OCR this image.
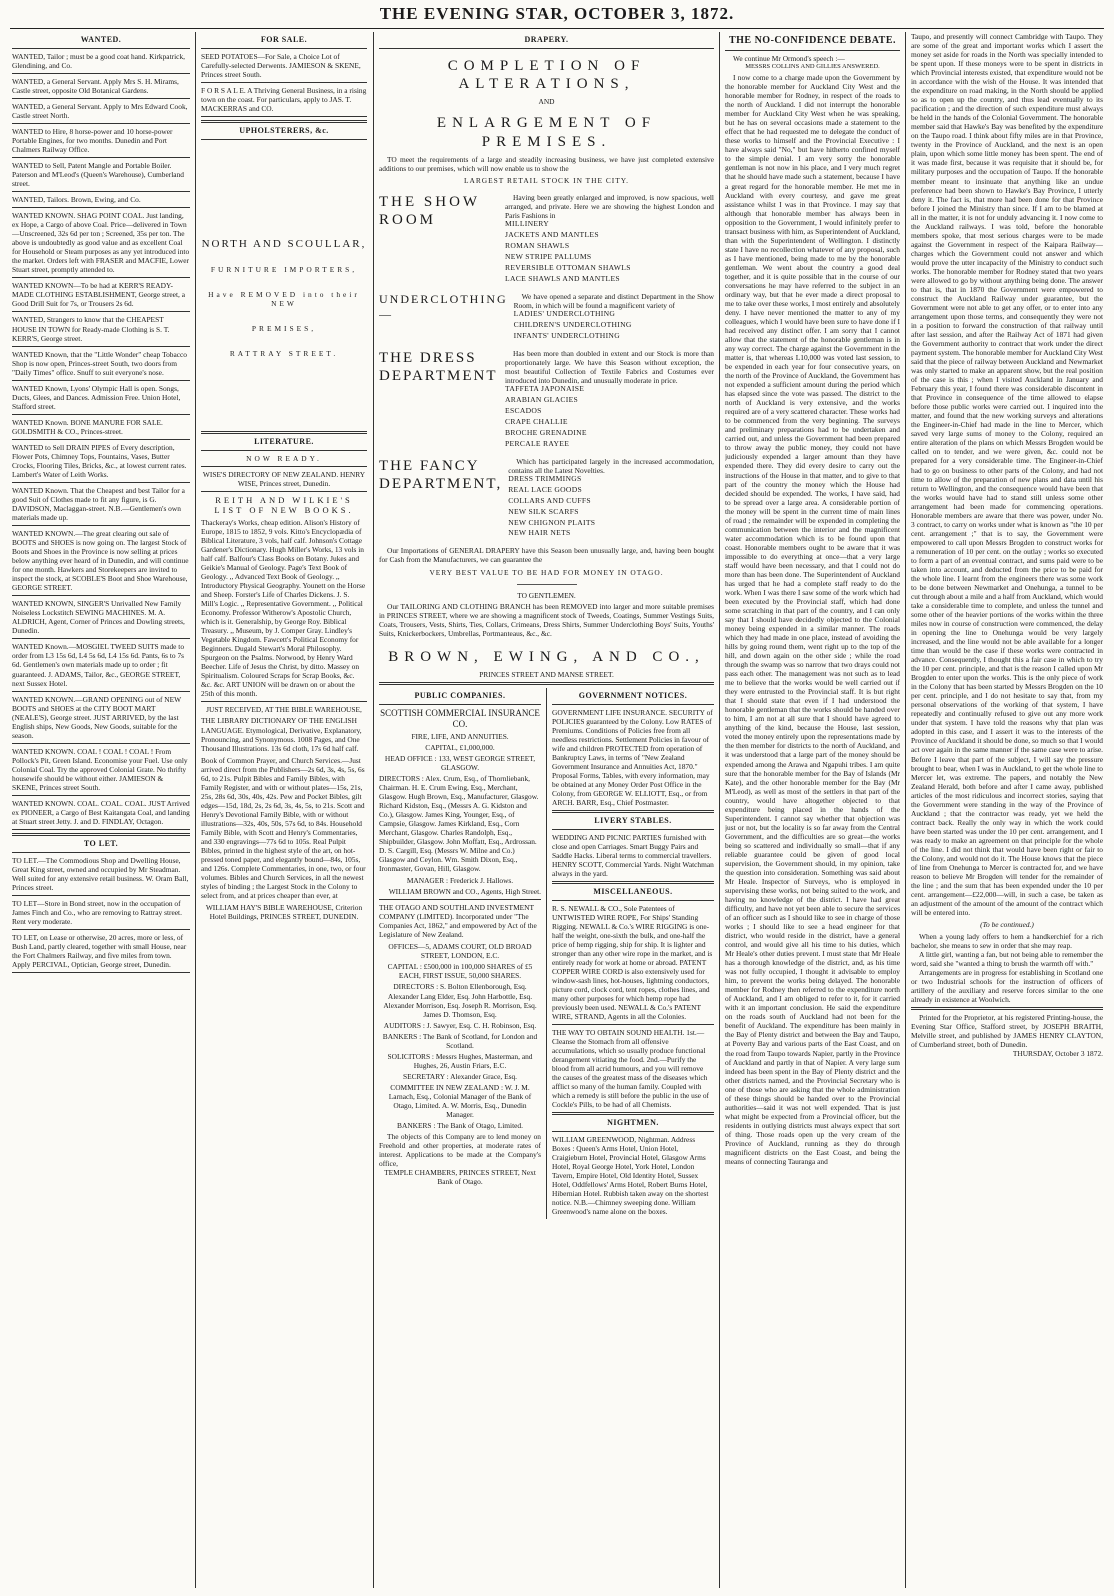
THE EVENING STAR, OCTOBER 3, 1872.
WANTED.

WANTED, Tailor ; must be a good coat hand. Kirkpatrick, Glendining, and Co.

WANTED, a General Servant. Apply Mrs S. H. Mirams, Castle street, opposite Old Botanical Gardens.

WANTED, a General Servant. Apply to Mrs Edward Cook, Castle street North.

WANTED to Hire, 8 horse-power and 10 horse-power Portable Engines, for two months. Dunedin and Port Chalmers Railway Office.

WANTED to Sell, Patent Mangle and Portable Boiler. Paterson and M'Leod's (Queen's Warehouse), Cumberland street.

WANTED, Tailors. Brown, Ewing, and Co.

WANTED KNOWN. SHAG POINT COAL. Just landing, ex Hope, a Cargo of above Coal. Price—delivered in Town—Unscreened, 32s 6d per ton ; Screened, 35s per ton. The above is undoubtedly as good value and as excellent Coal for Household or Steam purposes as any yet introduced into the market. Orders left with FRASER and MACFIE, Lower Stuart street, promptly attended to.

WANTED KNOWN—To be had at KERR'S READY-MADE CLOTHING ESTABLISHMENT, George street, a Good Drill Suit for 7s, or Trousers 2s 6d.

WANTED, Strangers to know that the CHEAPEST HOUSE IN TOWN for Ready-made Clothing is S. T. KERR'S, George street.

WANTED Known, that the "Little Wonder" cheap Tobacco Shop is now open, Princes-street South, two doors from "Daily Times" office. Snuff to suit everyone's nose.

WANTED Known, Lyons' Olympic Hall is open. Songs, Ducts, Glees, and Dances. Admission Free. Union Hotel, Stafford street.

WANTED Known. BONE MANURE FOR SALE. GOLDSMITH & CO., Princes-street.

WANTED to Sell DRAIN PIPES of Every description, Flower Pots, Chimney Tops, Fountains, Vases, Butter Crocks, Flooring Tiles, Bricks, &c., at lowest current rates. Lambert's Water of Leith Works.

WANTED Known. That the Cheapest and best Tailor for a good Suit of Clothes made to fit any figure, is G. DAVIDSON, Maclaggan-street. N.B.—Gentlemen's own materials made up.

WANTED KNOWN.—The great clearing out sale of BOOTS and SHOES is now going on. The largest Stock of Boots and Shoes in the Province is now selling at prices below anything ever heard of in Dunedin, and will continue for one month. Hawkers and Storekeepers are invited to inspect the stock, at SCOBLE'S Boot and Shoe Warehouse, GEORGE STREET.

WANTED KNOWN, SINGER'S Unrivalled New Family Noiseless Lockstitch SEWING MACHINES. M. A. ALDRICH, Agent, Corner of Princes and Dowling streets, Dunedin.

WANTED Known.—MOSGIEL TWEED SUITS made to order from L3 15s 6d, L4 5s 6d, L4 15s 6d. Pants, 6s to 7s 6d. Gentlemen's own materials made up to order ; fit guaranteed. J. ADAMS, Tailor, &c., GEORGE STREET, next Sussex Hotel.

WANTED KNOWN.—GRAND OPENING out of NEW BOOTS and SHOES at the CITY BOOT MART (NEALE'S), George street. JUST ARRIVED, by the last English ships, New Goods, New Goods, suitable for the season.

WANTED KNOWN. COAL ! COAL ! COAL ! From Pollock's Pit, Green Island. Economise your Fuel. Use only Colonial Coal. Try the approved Colonial Grate. No thrifty housewife should be without either. JAMIESON & SKENE, Princes street South.

WANTED KNOWN. COAL. COAL. COAL. JUST Arrived ex PIONEER, a Cargo of Best Kaitangata Coal, and landing at Stuart street Jetty. J. and D. FINDLAY, Octagon.

TO LET.

TO LET.—The Commodious Shop and Dwelling House, Great King street, owned and occupied by Mr Steadman. Well suited for any extensive retail business. W. Oram Ball, Princes street.

TO LET—Store in Bond street, now in the occupation of James Finch and Co., who are removing to Rattray street. Rent very moderate.

TO LET, on Lease or otherwise, 20 acres, more or less, of Bush Land, partly cleared, together with small House, near the Fort Chalmers Railway, and five miles from town. Apply PERCIVAL, Optician, George street, Dunedin.

FOR SALE.

SEED POTATOES—For Sale, a Choice Lot of Carefully-selected Derwents. JAMIESON & SKENE, Princes street South.

F O R S A L E. A Thriving General Business, in a rising town on the coast. For particulars, apply to JAS. T. MACKERRAS and CO.

UPHOLSTERERS, &c.

NORTH AND SCOULLAR,

FURNITURE IMPORTERS,

Have REMOVED into their NEW

PREMISES,

RATTRAY STREET.

LITERATURE.

NOW READY.

WISE'S DIRECTORY OF NEW ZEALAND. HENRY WISE, Princes street, Dunedin.

REITH AND WILKIE'S LIST OF NEW BOOKS.

Thackeray's Works, cheap edition. Alison's History of Europe, 1815 to 1852, 9 vols. Kitto's Encyclopædia of Biblical Literature, 3 vols, half calf. Johnson's Cottage Gardener's Dictionary. Hugh Miller's Works, 13 vols in half calf. Balfour's Class Books on Botany. Jukes and Geikie's Manual of Geology. Page's Text Book of Geology. ,, Advanced Text Book of Geology. ,, Introductory Physical Geography. Younett on the Horse and Sheep. Forster's Life of Charles Dickens. J. S. Mill's Logic. ,, Representative Government. ,, Political Economy. Professor Witherow's Apostolic Church, which is it. Generalship, by George Roy. Biblical Treasury. ,, Museum, by J. Comper Gray. Lindley's Vegetable Kingdom. Fawcett's Political Economy for Beginners. Dugald Stewart's Moral Philosophy. Spurgeon on the Psalms. Norwood, by Henry Ward Beecher. Life of Jesus the Christ, by ditto. Massey on Spiritualism. Coloured Scraps for Scrap Books, &c. &c. &c. ART UNION will be drawn on or about the 25th of this month.

JUST RECEIVED, AT THE BIBLE WAREHOUSE,

THE LIBRARY DICTIONARY OF THE ENGLISH LANGUAGE. Etymological, Derivative, Explanatory, Pronouncing, and Synonymous. 1008 Pages, and One Thousand Illustrations. 13s 6d cloth, 17s 6d half calf.

Book of Common Prayer, and Church Services.—Just arrived direct from the Publishers—2s 6d, 3s, 4s, 5s, 6s 6d, to 21s. Pulpit Bibles and Family Bibles, with Family Register, and with or without plates—15s, 21s, 25s, 28s 6d, 30s, 40s, 42s. Pew and Pocket Bibles, gilt edges—15d, 18d, 2s, 2s 6d, 3s, 4s, 5s, to 21s. Scott and Henry's Devotional Family Bible, with or without illustrations—32s, 40s, 50s, 57s 6d, to 84s. Household Family Bible, with Scott and Henry's Commentaries, and 330 engravings—77s 6d to 105s. Real Pulpit Bibles, printed in the highest style of the art, on hot-pressed toned paper, and elegantly bound—84s, 105s, and 126s. Complete Commentaries, in one, two, or four volumes. Bibles and Church Services, in all the newest styles of binding ; the Largest Stock in the Colony to select from, and at prices cheaper than ever, at

WILLIAM HAY'S BIBLE WAREHOUSE, Criterion Hotel Buildings, PRINCES STREET, DUNEDIN.

DRAPERY.
COMPLETION OF ALTERATIONS,

AND

ENLARGEMENT OF PREMISES.

TO meet the requirements of a large and steadily increasing business, we have just completed extensive additions to our premises, which will now enable us to show the

LARGEST RETAIL STOCK IN THE CITY.

THE SHOW ROOM

Having been greatly enlarged and improved, is now spacious, well arranged, and private. Here we are showing the highest London and Paris Fashions in

MILLINERY

JACKETS AND MANTLES

ROMAN SHAWLS

NEW STRIPE PALLUMS

REVERSIBLE OTTOMAN SHAWLS

LACE SHAWLS AND MANTLES

UNDERCLOTHING—

We have opened a separate and distinct Department in the Show Room, in which will be found a magnificent variety of

LADIES' UNDERCLOTHING

CHILDREN'S UNDERCLOTHING

INFANTS' UNDERCLOTHING

THE DRESS DEPARTMENT

Has been more than doubled in extent and our Stock is more than proportionately large. We have this Season without exception, the most beautiful Collection of Textile Fabrics and Costumes ever introduced into Dunedin, and unusually moderate in price.

TAFFETA JAPONAISE

ARABIAN GLACIES

ESCADOS

CRAPE CHALLIE

BROCHE GRENADINE

PERCALE RAYEE

THE FANCY DEPARTMENT,

Which has participated largely in the increased accommodation, contains all the Latest Novelties.

DRESS TRIMMINGS

REAL LACE GOODS

COLLARS AND CUFFS

NEW SILK SCARFS

NEW CHIGNON PLAITS

NEW HAIR NETS

Our Importations of GENERAL DRAPERY have this Season been unusually large, and, having been bought for Cash from the Manufacturers, we can guarantee the

VERY BEST VALUE TO BE HAD FOR MONEY IN OTAGO.

TO GENTLEMEN.

Our TAILORING AND CLOTHING BRANCH has been REMOVED into larger and more suitable premises in PRINCES STREET, where we are showing a magnificent stock of Tweeds, Coatings, Summer Vestings Suits, Coats, Trousers, Vests, Shirts, Ties, Collars, Crimeans, Dress Shirts, Summer Underclothing Boys' Suits, Youths' Suits, Knickerbockers, Umbrellas, Portmanteaus, &c., &c.

BROWN, EWING, AND CO.,

PRINCES STREET AND MANSE STREET.

PUBLIC COMPANIES.

SCOTTISH COMMERCIAL INSURANCE CO.

FIRE, LIFE, AND ANNUITIES.

CAPITAL, £1,000,000.

HEAD OFFICE : 133, WEST GEORGE STREET, GLASGOW.

DIRECTORS : Alex. Crum, Esq., of Thornliebank, Chairman. H. E. Crum Ewing, Esq., Merchant, Glasgow. Hugh Brown, Esq., Manufacturer, Glasgow. Richard Kidston, Esq., (Messrs A. G. Kidston and Co.), Glasgow. James King, Younger, Esq., of Campsie, Glasgow. James Kirkland, Esq., Corn Merchant, Glasgow. Charles Randolph, Esq., Shipbuilder, Glasgow. John Moffatt, Esq., Ardrossan. D. S. Cargill, Esq. (Messrs W. Milne and Co.) Glasgow and Ceylon. Wm. Smith Dixon, Esq., Ironmaster, Govan, Hill, Glasgow.

MANAGER : Frederick J. Hallows.

WILLIAM BROWN and CO., Agents, High Street.

THE OTAGO AND SOUTHLAND INVESTMENT COMPANY (LIMITED). Incorporated under "The Companies Act, 1862," and empowered by Act of the Legislature of New Zealand.

OFFICES—5, ADAMS COURT, OLD BROAD STREET, LONDON, E.C.

CAPITAL : £500,000 in 100,000 SHARES of £5 EACH, FIRST ISSUE, 50,000 SHARES.

DIRECTORS : S. Bolton Ellenborough, Esq. Alexander Lang Elder, Esq. John Harbottle, Esq. Alexander Morrison, Esq. Joseph R. Morrison, Esq. James D. Thomson, Esq.

AUDITORS : J. Sawyer, Esq. C. H. Robinson, Esq.

BANKERS : The Bank of Scotland, for London and Scotland.

SOLICITORS : Messrs Hughes, Masterman, and Hughes, 26, Austin Friars, E.C.

SECRETARY : Alexander Grace, Esq.

COMMITTEE IN NEW ZEALAND : W. J. M. Larnach, Esq., Colonial Manager of the Bank of Otago, Limited. A. W. Morris, Esq., Dunedin Manager.

BANKERS : The Bank of Otago, Limited.

The objects of this Company are to lend money on Freehold and other properties, at moderate rates of interest. Applications to be made at the Company's office,

TEMPLE CHAMBERS, PRINCES STREET, Next Bank of Otago.

GOVERNMENT NOTICES.

GOVERNMENT LIFE INSURANCE. SECURITY of POLICIES guaranteed by the Colony. Low RATES of Premiums. Conditions of Policies free from all needless restrictions. Settlement Policies in favour of wife and children PROTECTED from operation of Bankruptcy Laws, in terms of "New Zealand Government Insurance and Annuities Act, 1870." Proposal Forms, Tables, with every information, may be obtained at any Money Order Post Office in the Colony, from GEORGE W. ELLIOTT, Esq., or from ARCH. BARR, Esq., Chief Postmaster.

LIVERY STABLES.

WEDDING AND PICNIC PARTIES furnished with close and open Carriages. Smart Buggy Pairs and Saddle Hacks. Liberal terms to commercial travellers. HENRY SCOTT, Commercial Yards. Night Watchman always in the yard.

MISCELLANEOUS.

R. S. NEWALL & CO., Sole Patentees of UNTWISTED WIRE ROPE, For Ships' Standing Rigging. NEWALL & Co.'s WIRE RIGGING is one-half the weight, one-sixth the bulk, and one-half the price of hemp rigging, ship for ship. It is lighter and stronger than any other wire rope in the market, and is entirely ready for work at home or abroad. PATENT COPPER WIRE CORD is also extensively used for window-sash lines, hot-houses, lightning conductors, picture cord, clock cord, tent ropes, clothes lines, and many other purposes for which hemp rope had previously been used. NEWALL & Co.'s PATENT WIRE, STRAND, Agents in all the Colonies.

THE WAY TO OBTAIN SOUND HEALTH. 1st.—Cleanse the Stomach from all offensive accumulations, which so usually produce functional derangement vitiating the food. 2nd.—Purify the blood from all acrid humours, and you will remove the causes of the greatest mass of the diseases which afflict so many of the human family. Coupled with which a remedy is still before the public in the use of Cockle's Pills, to be had of all Chemists.

NIGHTMEN.

WILLIAM GREENWOOD, Nightman. Address Boxes : Queen's Arms Hotel, Union Hotel, Craigieburn Hotel, Provincial Hotel, Glasgow Arms Hotel, Royal George Hotel, York Hotel, London Tavern, Empire Hotel, Old Identity Hotel, Sussex Hotel, Oddfellows' Arms Hotel, Robert Burns Hotel, Hibernian Hotel. Rubbish taken away on the shortest notice. N.B.—Chimney sweeping done. William Greenwood's name alone on the boxes.

THE NO-CONFIDENCE DEBATE.

We continue Mr Ormond's speech :—

MESSRS COLLINS AND GILLIES ANSWERED.

I now come to a charge made upon the Government by the honorable member for Auckland City West and the honorable member for Rodney, in respect of the roads to the north of Auckland. I did not interrupt the honorable member for Auckland City West when he was speaking, but he has on several occasions made a statement to the effect that he had requested me to delegate the conduct of these works to himself and the Provincial Executive : I have always said "No," but have hitherto confined myself to the simple denial. I am very sorry the honorable gentleman is not now in his place, and I very much regret that he should have made such a statement, because I have a great regard for the honorable member. He met me in Auckland with every courtesy, and gave me great assistance whilst I was in that Province. I may say that although that honorable member has always been in opposition to the Government, I would infinitely prefer to transact business with him, as Superintendent of Auckland, than with the Superintendent of Wellington. I distinctly state I have no recollection whatever of any proposal, such as I have mentioned, being made to me by the honorable gentleman. We went about the country a good deal together, and it is quite possible that in the course of our conversations he may have referred to the subject in an ordinary way, but that he ever made a direct proposal to me to take over these works, I most entirely and absolutely deny. I have never mentioned the matter to any of my colleagues, which I would have been sure to have done if I had received any distinct offer. I am sorry that I cannot allow that the statement of the honorable gentleman is in any way correct. The charge against the Government in the matter is, that whereas L10,000 was voted last session, to be expended in each year for four consecutive years, on the north of the Province of Auckland, the Government has not expended a sufficient amount during the period which has elapsed since the vote was passed. The district to the north of Auckland is very extensive, and the works required are of a very scattered character. These works had to be commenced from the very beginning. The surveys and preliminary preparations had to be undertaken and carried out, and unless the Government had been prepared to throw away the public money, they could not have judiciously expended a larger amount than they have expended there. They did every desire to carry out the instructions of the House in that matter, and to give to that part of the country the money which the House had decided should be expended. The works, I have said, had to be spread over a large area. A considerable portion of the money will be spent in the current time of main lines of road ; the remainder will be expended in completing the communication between the interior and the magnificent water accommodation which is to be found upon that coast. Honorable members ought to be aware that it was impossible to do everything at once—that a very large staff would have been necessary, and that I could not do more than has been done. The Superintendent of Auckland has urged that he had a complete staff ready to do the work. When I was there I saw some of the work which had been executed by the Provincial staff, which had done some scratching in that part of the country, and I can only say that I should have decidedly objected to the Colonial money being expended in a similar manner. The roads which they had made in one place, instead of avoiding the hills by going round them, went right up to the top of the hill, and down again on the other side ; while the road through the swamp was so narrow that two drays could not pass each other. The management was not such as to lead me to believe that the works would be well carried out if they were entrusted to the Provincial staff. It is but right that I should state that even if I had understood the honorable gentleman that the works should be handed over to him, I am not at all sure that I should have agreed to anything of the kind, because the House, last session, voted the money entirely upon the representations made by the then member for districts to the north of Auckland, and it was understood that a large part of the money should be expended among the Arawa and Ngapuhi tribes. I am quite sure that the honorable member for the Bay of Islands (Mr Kate), and the other honorable member for the Bay (Mr M'Leod), as well as most of the settlers in that part of the country, would have altogether objected to that expenditure being placed in the hands of the Superintendent. I cannot say whether that objection was just or not, but the locality is so far away from the Central Government, and the difficulties are so great—the works being so scattered and individually so small—that if any reliable guarantee could be given of good local supervision, the Government should, in my opinion, take the question into consideration. Something was said about Mr Heale. Inspector of Surveys, who is employed in supervising these works, not being suited to the work, and having no knowledge of the district. I have had great difficulty, and have not yet been able to secure the services of an officer such as I should like to see in charge of those works ; I should like to see a head engineer for that district, who would reside in the district, have a general control, and would give all his time to his duties, which Mr Heale's other duties prevent. I must state that Mr Heale has a thorough knowledge of the district, and, as his time was not fully occupied, I thought it advisable to employ him, to prevent the works being delayed. The honorable member for Rodney then referred to the expenditure north of Auckland, and I am obliged to refer to it, for it carried with it an important conclusion. He said the expenditure on the roads south of Auckland had not been for the benefit of Auckland. The expenditure has been mainly in the Bay of Plenty district and between the Bay and Taupo, at Poverty Bay and various parts of the East Coast, and on the road from Taupo towards Napier, partly in the Province of Auckland and partly in that of Napier. A very large sum indeed has been spent in the Bay of Plenty district and the other districts named, and the Provincial Secretary who is one of those who are asking that the whole administration of these things should be handed over to the Provincial authorities—said it was not well expended. That is just what might be expected from a Provincial officer, but the residents in outlying districts must always expect that sort of thing. Those roads open up the very cream of the Province of Auckland, running as they do through magnificent districts on the East Coast, and being the means of connecting Tauranga and

Taupo, and presently will connect Cambridge with Taupo. They are some of the great and important works which I assert the money set aside for roads in the North was specially intended to be spent upon. If these moneys were to be spent in districts in which Provincial interests existed, that expenditure would not be in accordance with the wish of the House. It was intended that the expenditure on road making, in the North should be applied so as to open up the country, and thus lead eventually to its pacification ; and the direction of such expenditure must always be held in the hands of the Colonial Government. The honorable member said that Hawke's Bay was benefited by the expenditure on the Taupo road. I think about fifty miles are in that Province, twenty in the Province of Auckland, and the next is an open plain, upon which some little money has been spent. The end of it was made first, because it was requisite that it should be, for military purposes and the occupation of Taupo. If the honorable member meant to insinuate that anything like an undue preference had been shown to Hawke's Bay Province, I utterly deny it. The fact is, that more had been done for that Province before I joined the Ministry than since. If I am to be blamed at all in the matter, it is not for unduly advancing it. I now come to the Auckland railways. I was told, before the honorable members spoke, that most serious charges were to be made against the Government in respect of the Kaipara Railway—charges which the Government could not answer and which would prove the utter incapacity of the Ministry to conduct such works. The honorable member for Rodney stated that two years were allowed to go by without anything being done. The answer to that is, that in 1870 the Government were empowered to construct the Auckland Railway under guarantee, but the Government were not able to get any offer, or to enter into any arrangement upon those terms, and consequently they were not in a position to forward the construction of that railway until after last session, and after the Railway Act of 1871 had given the Government authority to contract that work under the direct payment system. The honorable member for Auckland City West said that the piece of railway between Auckland and Newmarket was only started to make an apparent show, but the real position of the case is this ; when I visited Auckland in January and February this year, I found there was considerable discontent in that Province in consequence of the time allowed to elapse before those public works were carried out. I inquired into the matter, and found that the new working surveys and alterations the Engineer-in-Chief had made in the line to Mercer, which saved very large sums of money to the Colony, required an entire alteration of the plans on which Messrs Brogden would be called on to tender, and we were given, &c. could not be prepared for a very considerable time. The Engineer-in-Chief had to go on business to other parts of the Colony, and had not time to allow of the preparation of new plans and data until his return to Wellington, and the consequence would have been that the works would have had to stand still unless some other arrangement had been made for commencing operations. Honorable members are aware that there was power, under No. 3 contract, to carry on works under what is known as "the 10 per cent. arrangement ;" that is to say, the Government were empowered to call upon Messrs Brogden to construct works for a remuneration of 10 per cent. on the outlay ; works so executed to form a part of an eventual contract, and sums paid were to be taken into account, and deducted from the price to be paid for the whole line. I learnt from the engineers there was some work to be done between Newmarket and Onehunga, a tunnel to be cut through about a mile and a half from Auckland, which would take a considerable time to complete, and unless the tunnel and some other of the heavier portions of the works within the three miles now in course of construction were commenced, the delay in opening the line to Onehunga would be very largely increased, and the line would not be able available for a longer time than would be the case if these works were contracted in advance. Consequently, I thought this a fair case in which to try the 10 per cent. principle, and that is the reason I called upon Mr Brogden to enter upon the works. This is the only piece of work in the Colony that has been started by Messrs Brogden on the 10 per cent. principle, and I do not hesitate to say that, from my personal observations of the working of that system, I have repeatedly and continually refused to give out any more work under that system. I have told the reasons why that plan was adopted in this case, and I assert it was to the interests of the Province of Auckland it should be done, so much so that I would act over again in the same manner if the same case were to arise. Before I leave that part of the subject, I will say the pressure brought to bear, when I was in Auckland, to get the whole line to Mercer let, was extreme. The papers, and notably the New Zealand Herald, both before and after I came away, published articles of the most ridiculous and incorrect stories, saying that the Government were standing in the way of the Province of Auckland ; that the contractor was ready, yet we held the contract back. Really the only way in which the work could have been started was under the 10 per cent. arrangement, and I was ready to make an agreement on that principle for the whole of the line. I did not think that would have been right or fair to the Colony, and would not do it. The House knows that the piece of line from Onehunga to Mercer is contracted for, and we have reason to believe Mr Brogden will tender for the remainder of the line ; and the sum that has been expended under the 10 per cent. arrangement—£22,000—will, in such a case, be taken as an adjustment of the amount of the amount of the contract which will be entered into.

(To be continued.)

When a young lady offers to hem a handkerchief for a rich bachelor, she means to sew in order that she may reap.

A little girl, wanting a fan, but not being able to remember the word, said she "wanted a thing to brush the warmth off with."

Arrangements are in progress for establishing in Scotland one or two Industrial schools for the instruction of officers of artillery of the auxiliary and reserve forces similar to the one already in existence at Woolwich.

Printed for the Proprietor, at his registered Printing-house, the Evening Star Office, Stafford street, by JOSEPH BRAITH, Melville street, and published by JAMES HENRY CLAYTON, of Cumberland street, both of Dunedin.

THURSDAY, October 3 1872.
